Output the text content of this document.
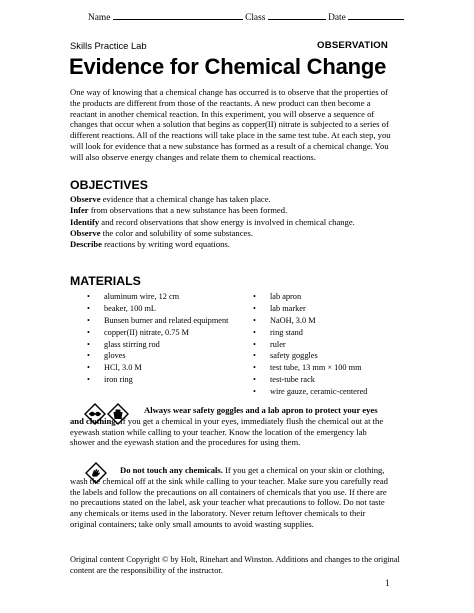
Name	Class	Date
Skills Practice Lab	OBSERVATION
Evidence for Chemical Change
One way of knowing that a chemical change has occurred is to observe that the properties of the products are different from those of the reactants. A new product can then become a reactant in another chemical reaction. In this experiment, you will observe a sequence of changes that occur when a solution that begins as copper(II) nitrate is subjected to a series of different reactions. All of the reactions will take place in the same test tube. At each step, you will look for evidence that a new substance has formed as a result of a chemical change. You will also observe energy changes and relate them to chemical reactions.
OBJECTIVES

Observe evidence that a chemical change has taken place.

Infer from observations that a new substance has been formed.

Identify and record observations that show energy is involved in chemical change.

Observe the color and solubility of some substances.

Describe reactions by writing word equations.

MATERIALS
• aluminum wire, 12 cm
• beaker, 100 mL
• Bunsen burner and related equipment
• copper(II) nitrate, 0.75 M
• glass stirring rod
• gloves
• HCl, 3.0 M
• iron ring
• lab apron
• lab marker
• NaOH, 3.0 M
• ring stand
• ruler
• safety goggles
• test tube, 13 mm × 100 mm
• test-tube rack
• wire gauze, ceramic-centered
Always wear safety goggles and a lab apron to protect your eyes and clothing. If you get a chemical in your eyes, immediately flush the chemical out at the eyewash station while calling to your teacher. Know the location of the emergency lab shower and the eyewash station and the procedures for using them.
Do not touch any chemicals. If you get a chemical on your skin or clothing, wash the chemical off at the sink while calling to your teacher. Make sure you carefully read the labels and follow the precautions on all containers of chemicals that you use. If there are no precautions stated on the label, ask your teacher what precautions to follow. Do not taste any chemicals or items used in the laboratory. Never return leftover chemicals to their original containers; take only small amounts to avoid wasting supplies.
Original content Copyright © by Holt, Rinehart and Winston. Additions and changes to the original content are the responsibility of the instructor.
1
